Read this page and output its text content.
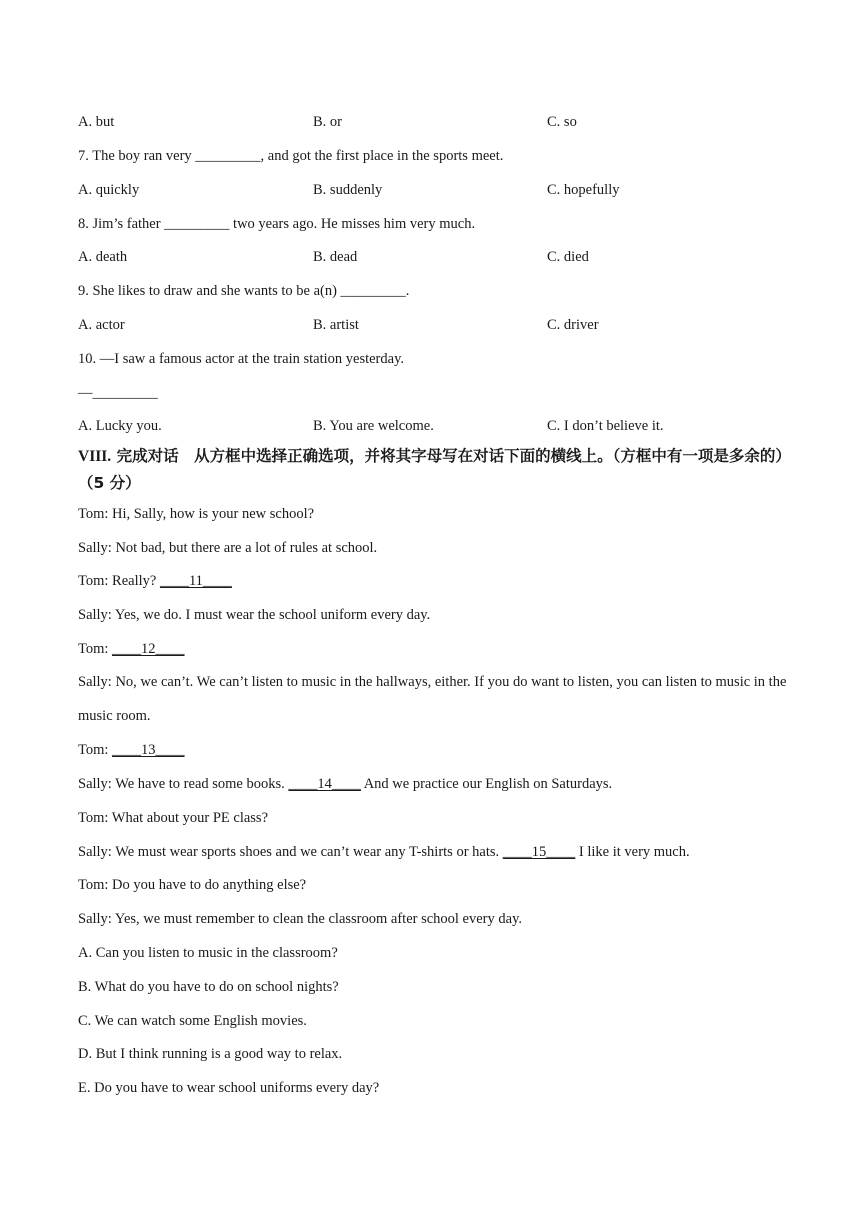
A. but	B. or	C. so
7. The boy ran very _________, and got the first place in the sports meet.
A. quickly	B. suddenly	C. hopefully
8. Jim’s father _________ two years ago. He misses him very much.
A. death	B. dead	C. died
9. She likes to draw and she wants to be a(n) _________.
A. actor	B. artist	C. driver
10. —I saw a famous actor at the train station yesterday.
—_________
A. Lucky you.	B. You are welcome.	C. I don’t believe it.
VIII. 完成对话　从方框中选择正确选项，并将其字母写在对话下面的横线上。（方框中有一项是多余的）（5 分）
Tom: Hi, Sally, how is your new school?
Sally: Not bad, but there are a lot of rules at school.
Tom: Really? ____11____
Sally: Yes, we do. I must wear the school uniform every day.
Tom: ____12____
Sally: No, we can’t. We can’t listen to music in the hallways, either. If you do want to listen, you can listen to music in the music room.
Tom: ____13____
Sally: We have to read some books. ____14____ And we practice our English on Saturdays.
Tom: What about your PE class?
Sally: We must wear sports shoes and we can’t wear any T-shirts or hats. ____15____ I like it very much.
Tom: Do you have to do anything else?
Sally: Yes, we must remember to clean the classroom after school every day.
A. Can you listen to music in the classroom?
B. What do you have to do on school nights?
C. We can watch some English movies.
D. But I think running is a good way to relax.
E. Do you have to wear school uniforms every day?
